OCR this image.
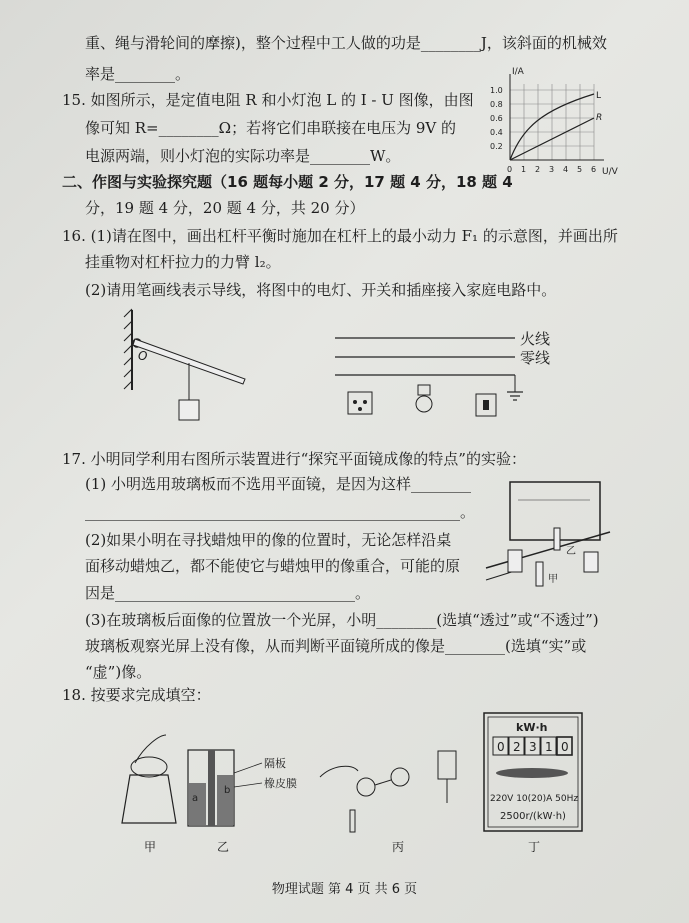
重、绳与滑轮间的摩擦)，整个过程中工人做的功是________J，该斜面的机械效
率是________。
15. 如图所示，是定值电阻 R 和小灯泡 L 的 I - U 图像，由图
像可知 R=________Ω；若将它们串联接在电压为 9V 的
电源两端，则小灯泡的实际功率是________W。
I/A
U/V
L
R
1.0
0.8
0.6
0.4
0.2
0 1 2 3 4 5 6
二、作图与实验探究题（16 题每小题 2 分，17 题 4 分，18 题 4
分，19 题 4 分，20 题 4 分，共 20 分）
16. (1)请在图中，画出杠杆平衡时施加在杠杆上的最小动力 F₁ 的示意图，并画出所
挂重物对杠杆拉力的力臂 l₂。
(2)请用笔画线表示导线，将图中的电灯、开关和插座接入家庭电路中。
O
火线
零线
17. 小明同学利用右图所示装置进行“探究平面镜成像的特点”的实验：
(1) 小明选用玻璃板而不选用平面镜，是因为这样________
__________________________________________________。
(2)如果小明在寻找蜡烛甲的像的位置时，无论怎样沿桌
面移动蜡烛乙，都不能使它与蜡烛甲的像重合，可能的原
因是________________________________。
(3)在玻璃板后面像的位置放一个光屏，小明________(选填“透过”或“不透过”)
玻璃板观察光屏上没有像，从而判断平面镜所成的像是________(选填“实”或
“虚”)像。
乙
甲
18. 按要求完成填空：
隔板
橡皮膜
a
b
kW·h
0 2 3 1 0
220V 10(20)A 50Hz
2500r/(kW·h)
甲	乙	丙	丁
物理试题 第 4 页 共 6 页
